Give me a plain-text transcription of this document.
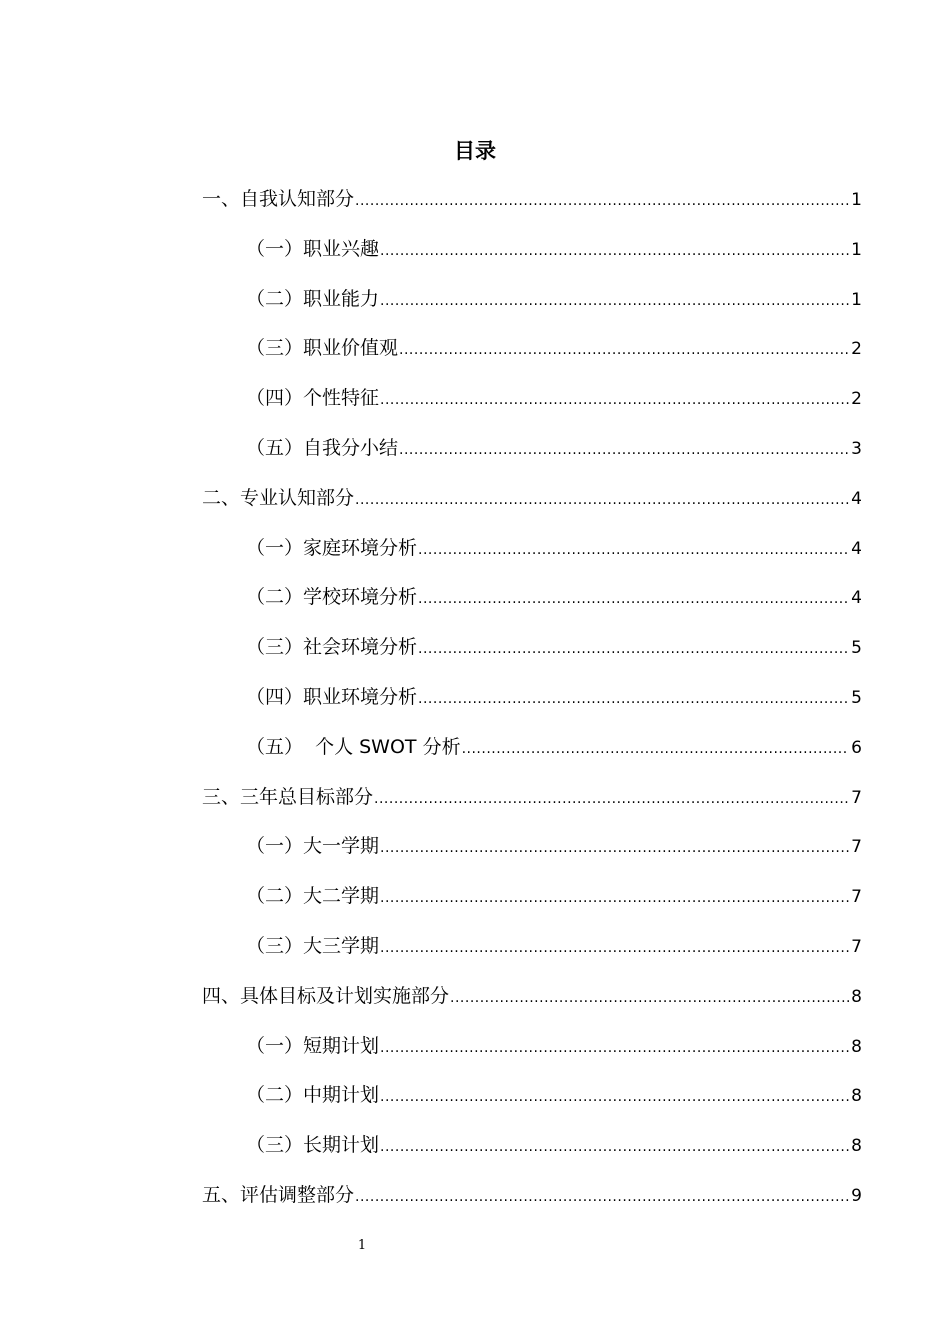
目录
一、自我认知部分 .....	1
（一）职业兴趣 .....	1
（二）职业能力 .....	1
（三）职业价值观 .....	2
（四）个性特征 .....	2
（五）自我分小结 .....	3
二、专业认知部分 .....	4
（一）家庭环境分析 .....	4
（二）学校环境分析 .....	4
（三）社会环境分析 .....	5
（四）职业环境分析 .....	5
（五）  个人 SWOT 分析 .....	6
三、三年总目标部分 .....	7
（一）大一学期 .....	7
（二）大二学期 .....	7
（三）大三学期 .....	7
四、具体目标及计划实施部分 .....	8
（一）短期计划 .....	8
（二）中期计划 .....	8
（三）长期计划 .....	8
五、评估调整部分 .....	9
1
